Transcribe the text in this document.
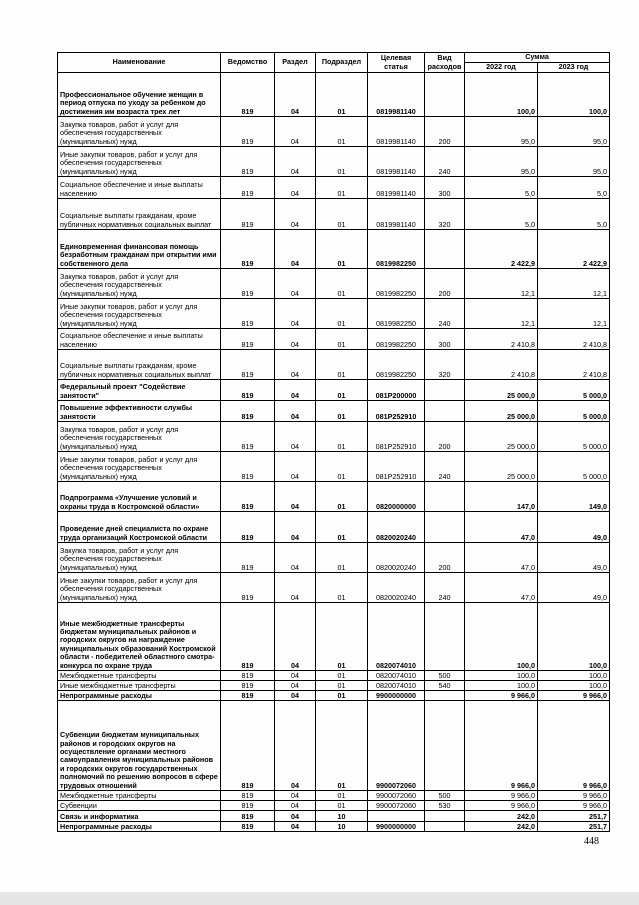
Наименование	Ведомство	Раздел	Подраздел	Целевая статья	Вид расходов	Сумма	
						2022 год	2023 год
Профессиональное обучение женщин в период отпуска по уходу за ребенком до достижения им возраста трех лет	819	04	01	0819981140		100,0	100,0
Закупка товаров, работ и услуг для обеспечения государственных (муниципальных) нужд	819	04	01	0819981140	200	95,0	95,0
Иные закупки товаров, работ и услуг для обеспечения государственных (муниципальных) нужд	819	04	01	0819981140	240	95,0	95,0
Социальное обеспечение и иные выплаты населению	819	04	01	0819981140	300	5,0	5,0
Социальные выплаты гражданам, кроме публичных нормативных социальных выплат	819	04	01	0819981140	320	5,0	5,0
Единовременная финансовая помощь безработным гражданам при открытии ими собственного дела	819	04	01	0819982250		2 422,9	2 422,9
Закупка товаров, работ и услуг для обеспечения государственных (муниципальных) нужд	819	04	01	0819982250	200	12,1	12,1
Иные закупки товаров, работ и услуг для обеспечения государственных (муниципальных) нужд	819	04	01	0819982250	240	12,1	12,1
Социальное обеспечение и иные выплаты населению	819	04	01	0819982250	300	2 410,8	2 410,8
Социальные выплаты гражданам, кроме публичных нормативных социальных выплат	819	04	01	0819982250	320	2 410,8	2 410,8
Федеральный проект "Содействие занятости"	819	04	01	081P200000		25 000,0	5 000,0
Повышение эффективности службы занятости	819	04	01	081P252910		25 000,0	5 000,0
Закупка товаров, работ и услуг для обеспечения государственных (муниципальных) нужд	819	04	01	081P252910	200	25 000,0	5 000,0
Иные закупки товаров, работ и услуг для обеспечения государственных (муниципальных) нужд	819	04	01	081P252910	240	25 000,0	5 000,0
Подпрограмма «Улучшение условий и охраны труда в Костромской области»	819	04	01	0820000000		147,0	149,0
Проведение дней специалиста по охране труда организаций Костромской области	819	04	01	0820020240		47,0	49,0
Закупка товаров, работ и услуг для обеспечения государственных (муниципальных) нужд	819	04	01	0820020240	200	47,0	49,0
Иные закупки товаров, работ и услуг для обеспечения государственных (муниципальных) нужд	819	04	01	0820020240	240	47,0	49,0
Иные межбюджетные трансферты бюджетам муниципальных районов и городских округов на награждение муниципальных образований Костромской области - победителей областного смотра-конкурса по охране труда	819	04	01	0820074010		100,0	100,0
Межбюджетные трансферты	819	04	01	0820074010	500	100,0	100,0
Иные межбюджетные трансферты	819	04	01	0820074010	540	100,0	100,0
Непрограммные расходы	819	04	01	9900000000		9 966,0	9 966,0
Субвенции бюджетам муниципальных районов и городских округов на осуществление органами местного самоуправления муниципальных районов и городских округов государственных полномочий по решению вопросов в сфере трудовых отношений	819	04	01	9900072060		9 966,0	9 966,0
Межбюджетные трансферты	819	04	01	9900072060	500	9 966,0	9 966,0
Субвенции	819	04	01	9900072060	530	9 966,0	9 966,0
Связь и информатика	819	04	10			242,0	251,7
Непрограммные расходы	819	04	10	9900000000		242,0	251,7
448
